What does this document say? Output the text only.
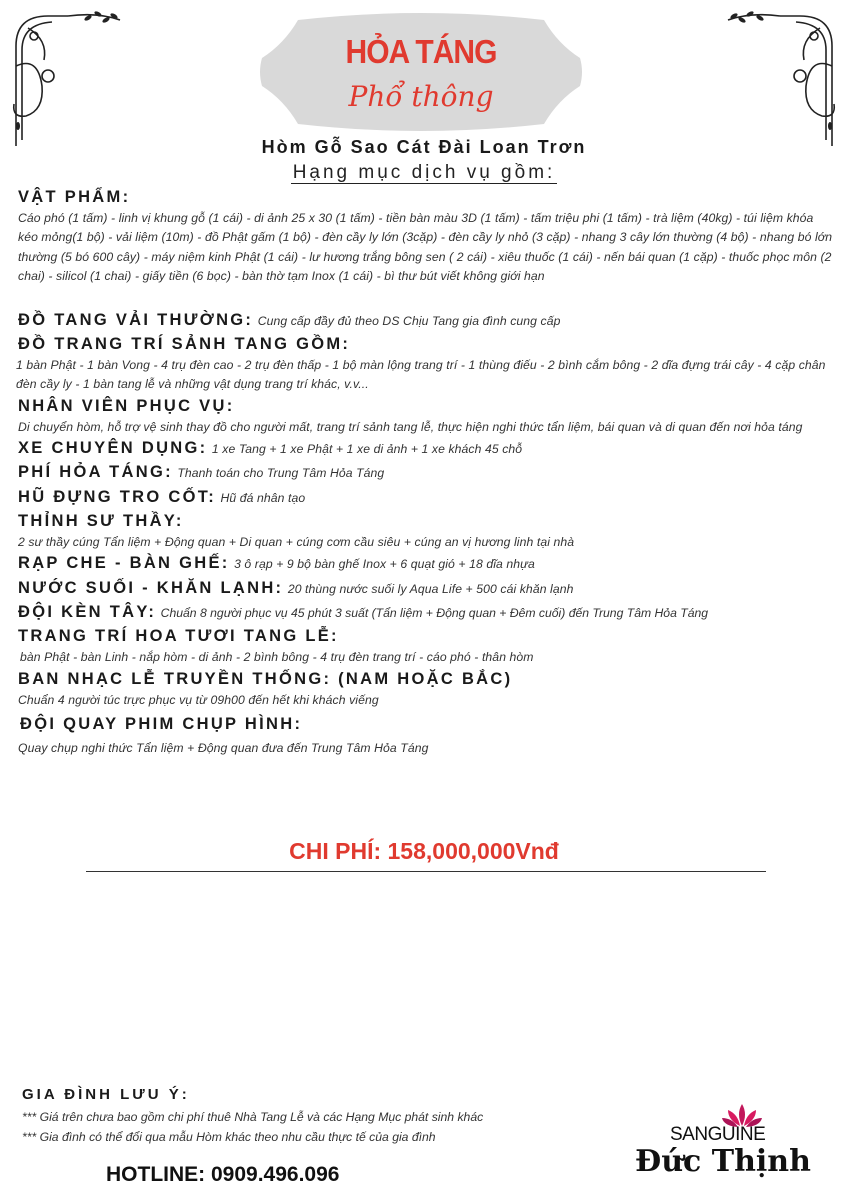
HỎA TÁNG
Phổ thông
Hòm Gỗ Sao Cát Đài Loan Trơn
Hạng mục dịch vụ gồm:
VẬT PHẨM:
Cáo phó (1 tấm) - linh vị khung gỗ (1 cái) - di ảnh 25 x 30 (1 tấm) - tiền bàn màu 3D (1 tấm) - tấm triệu phi (1 tấm) - trà liệm (40kg) - túi liệm khóa kéo mỏng(1 bộ) - vải liệm (10m) - đồ Phật gấm (1 bộ) - đèn cầy ly lớn (3cặp) - đèn cầy ly nhỏ (3 cặp) - nhang 3 cây lớn thường (4 bộ) - nhang bó lớn thường (5 bó 600 cây) - máy niệm kinh Phật (1 cái) - lư hương trắng bông sen ( 2 cái) - xiêu thuốc (1 cái) - nến bái quan (1 cặp) - thuốc phọc môn (2 chai) - silicol (1 chai) - giấy tiền (6 bọc) - bàn thờ tạm Inox (1 cái) - bì thư bút viết không giới hạn
ĐỒ TANG VẢI THƯỜNG: Cung cấp đầy đủ theo DS Chịu Tang gia đình cung cấp
ĐỒ TRANG TRÍ SẢNH TANG GỒM:
1 bàn Phật - 1 bàn Vong - 4 trụ đèn cao - 2 trụ đèn thấp - 1 bộ màn lộng trang trí - 1 thùng điếu - 2 bình cắm bông - 2 dĩa đựng trái cây - 4 cặp chân đèn cầy ly - 1 bàn tang lễ và những vật dụng trang trí khác, v.v...
NHÂN VIÊN PHỤC VỤ:
Di chuyển hòm, hỗ trợ vệ sinh thay đồ cho người mất, trang trí sảnh tang lễ, thực hiện nghi thức tẩn liệm, bái quan và di quan đến nơi hỏa táng
XE CHUYÊN DỤNG: 1 xe Tang + 1 xe Phật + 1 xe di ảnh + 1 xe khách 45 chỗ
PHÍ HỎA TÁNG: Thanh toán cho Trung Tâm Hỏa Táng
HŨ ĐỰNG TRO CỐT: Hũ đá nhân tạo
THỈNH SƯ THẦY:
2 sư thầy cúng Tẩn liệm + Động quan + Di quan + cúng cơm cầu siêu + cúng an vị hương linh tại nhà
RẠP CHE - BÀN GHẾ: 3 ô rạp + 9 bộ bàn ghế Inox + 6 quạt gió + 18 dĩa nhựa
NƯỚC SUỐI - KHĂN LẠNH: 20 thùng nước suối ly Aqua Life + 500 cái khăn lạnh
ĐỘI KÈN TÂY: Chuẩn 8 người phục vụ 45 phút 3 suất (Tẩn liệm + Động quan + Đêm cuối) đến Trung Tâm Hỏa Táng
TRANG TRÍ HOA TƯƠI TANG LỄ:
bàn Phật - bàn Linh - nắp hòm - di ảnh - 2 bình bông - 4 trụ đèn trang trí - cáo phó - thân hòm
BAN NHẠC LỄ TRUYỀN THỐNG: (NAM HOẶC BẮC)
Chuẩn 4 người túc trực phục vụ từ 09h00 đến hết khi khách viếng
ĐỘI QUAY PHIM CHỤP HÌNH:
Quay chụp nghi thức Tẩn liệm + Động quan đưa đến Trung Tâm Hỏa Táng
CHI PHÍ: 158,000,000Vnđ
GIA ĐÌNH LƯU Ý:
*** Giá trên chưa bao gồm chi phí thuê Nhà Tang Lễ và các Hạng Mục phát sinh khác
*** Gia đình có thể đổi qua mẫu Hòm khác theo nhu cầu thực tế của gia đình
HOTLINE: 0909.496.096
SANGUINE
Đức Thịnh
